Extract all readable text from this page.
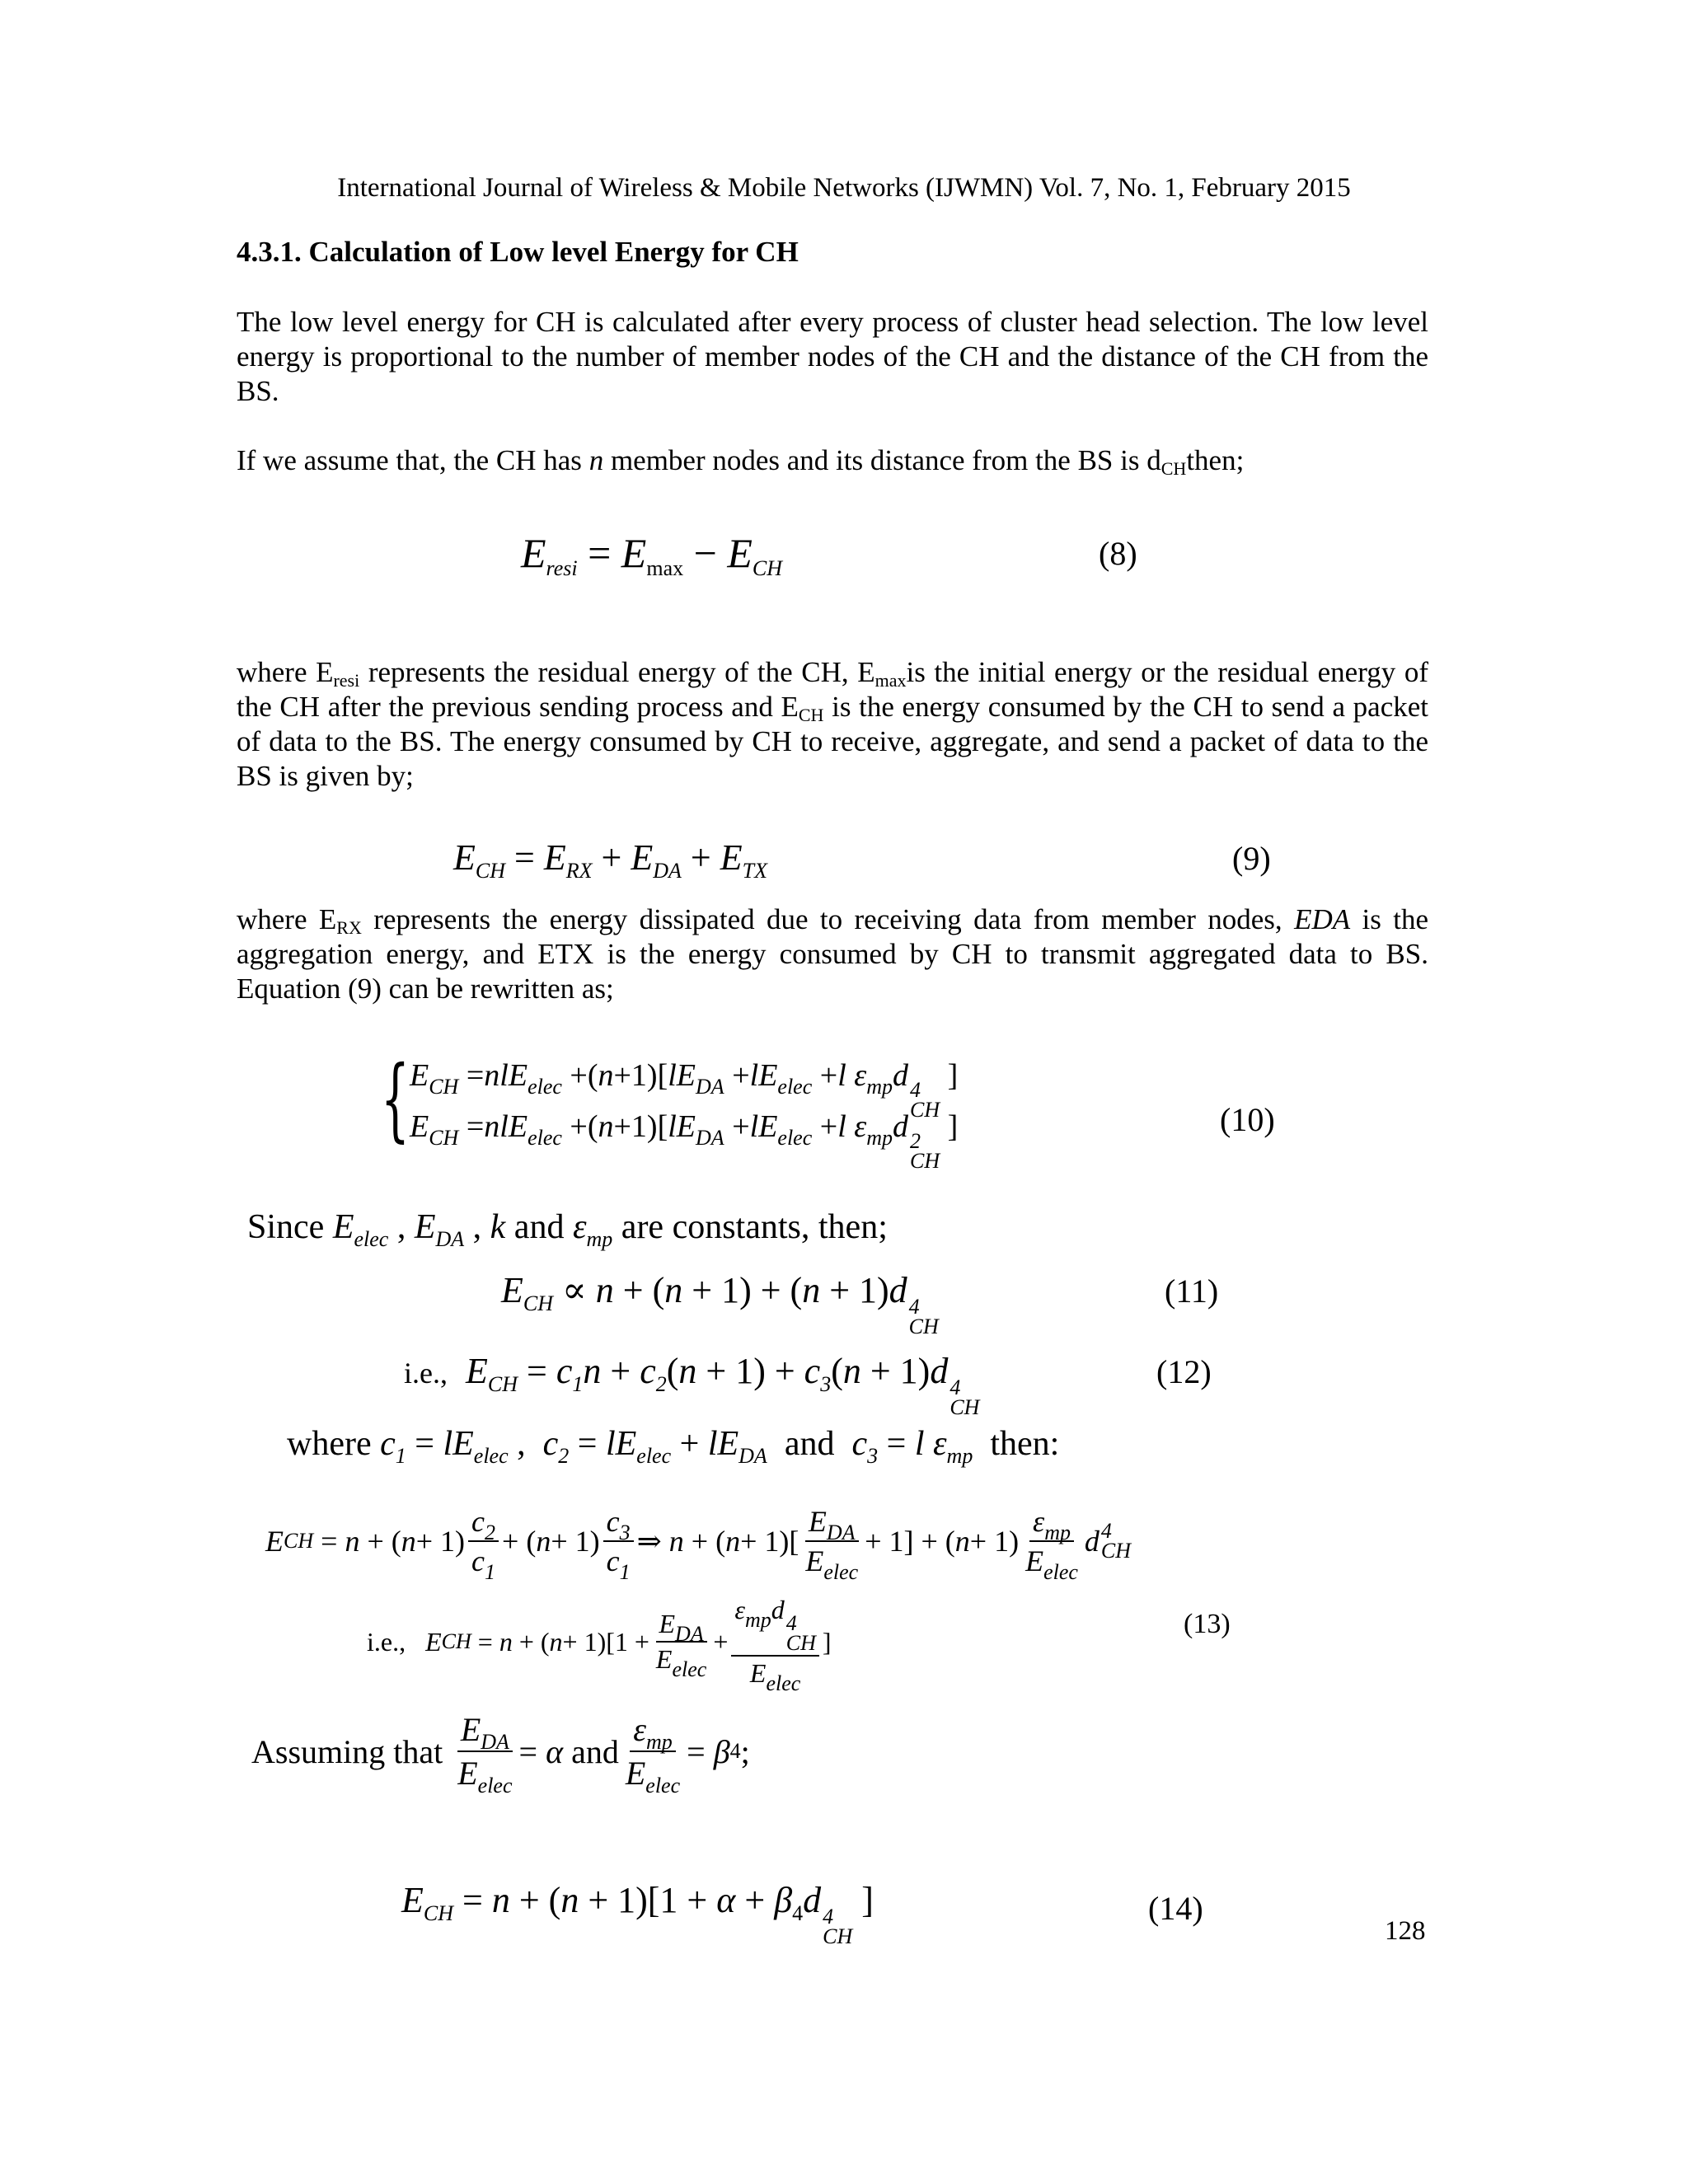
International Journal of Wireless & Mobile Networks (IJWMN) Vol. 7, No. 1, February 2015
4.3.1. Calculation of Low level Energy for CH
The low level energy for CH is calculated after every process of cluster head selection. The low level energy is proportional to the number of member nodes of the CH and the distance of the CH from the BS.
If we assume that, the CH has n member nodes and its distance from the BS is $d_{CH}then$;
$E_{resi} = E_{max} - E_{CH}$	(8)
where $E_{resi}$ represents the residual energy of the CH, $E_{max}is$ the initial energy or the residual energy of the CH after the previous sending process and $E_{CH}$ is the energy consumed by the CH to send a packet of data to the BS. The energy consumed by CH to receive, aggregate, and send a packet of data to the BS is given by;
$E_{CH} = E_{RX} + E_{DA} + E_{TX}$	(9)
where $E_{RX}$ represents the energy dissipated due to receiving data from member nodes, EDA is the aggregation energy, and ETX is the energy consumed by CH to transmit aggregated data to BS. Equation (9) can be rewritten as;
{ $E_{CH} =nlE_{elec} +(n+1)[lE_{DA} +lE_{elec} +l$ $\varepsilon_{mp}d$ 4
CH
]
$E_{CH} =nlE_{elec} +(n+1)[lE_{DA} +lE_{elec} +l$ $\varepsilon_{mp}d$ 2
CH
]	(10)
Since $E_{elec}$ , $E_{DA}$ , k and $\varepsilon_{mp}$ are constants, then;
$E_{CH} \propto n + (n + 1) + (n + 1)d$ 4
CH
(11)
i.e., $E_{CH} = c_1n + c_2(n + 1) + c_3(n + 1)d$ 4
CH
(12)
where $c_1 = lE_{elec}$ ,  $c_2 = lE_{elec} + lE_{DA}$ and $c_3 = l$ $\varepsilon_{mp}$ then:
E CH = n + ( $n + 1) \frac{c_2}{c_1}$ + ( $n + 1) \frac{c_3}{c_1}$ ⇒ n + ( $n + 1)[ \frac{E_{DA}}{E_{elec}} + 1]$ + ( $n + 1) \frac{\varepsilon_{mp}}{E_{elec}}$ d 4
CH
i.e.,
E CH = n + ( $n + 1)[1 + \frac{E_{DA}}{E_{elec}} + \varepsilon_{mp}d$ 4
CH
$E_{elec}$ ]
(13)
Assuming that
$\frac{E_{DA}}{E_{elec}} = \alpha$
and $\frac{\varepsilon_{mp}}{E_{elec}} = \beta$ 4 ;
$E_{CH} = n + (n + 1)[1 + \alpha + \beta_4d$ 4
CH
]	(14)
128
